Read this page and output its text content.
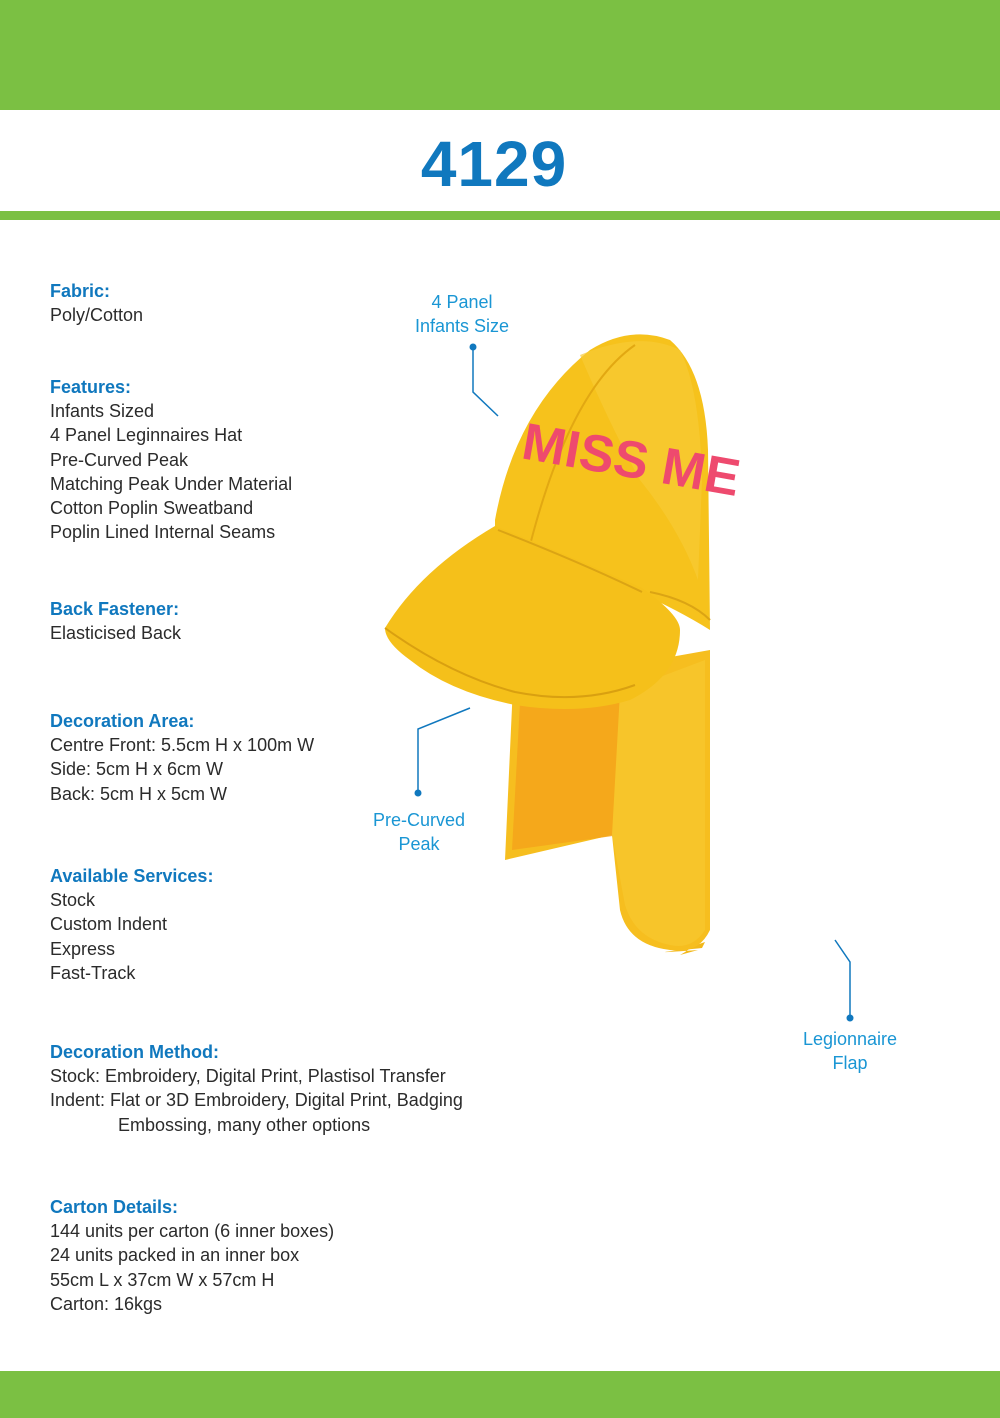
4129
Fabric:
Poly/Cotton
Features:
Infants Sized
4 Panel Leginnaires Hat
Pre-Curved Peak
Matching Peak Under Material
Cotton Poplin Sweatband
Poplin Lined Internal Seams
Back Fastener:
Elasticised Back
Decoration Area:
Centre Front: 5.5cm H x 100m W
Side: 5cm H x 6cm W
Back: 5cm H x 5cm W
Available Services:
Stock
Custom Indent
Express
Fast-Track
Decoration Method:
Stock: Embroidery, Digital Print, Plastisol Transfer
Indent: Flat or 3D Embroidery, Digital Print, Badging
Embossing, many other options
Carton Details:
144 units per carton (6 inner boxes)
24 units packed in an inner box
55cm L x 37cm W x 57cm H
Carton: 16kgs
MISS ME
4 Panel
Infants Size
Pre-Curved
Peak
Legionnaire
Flap
